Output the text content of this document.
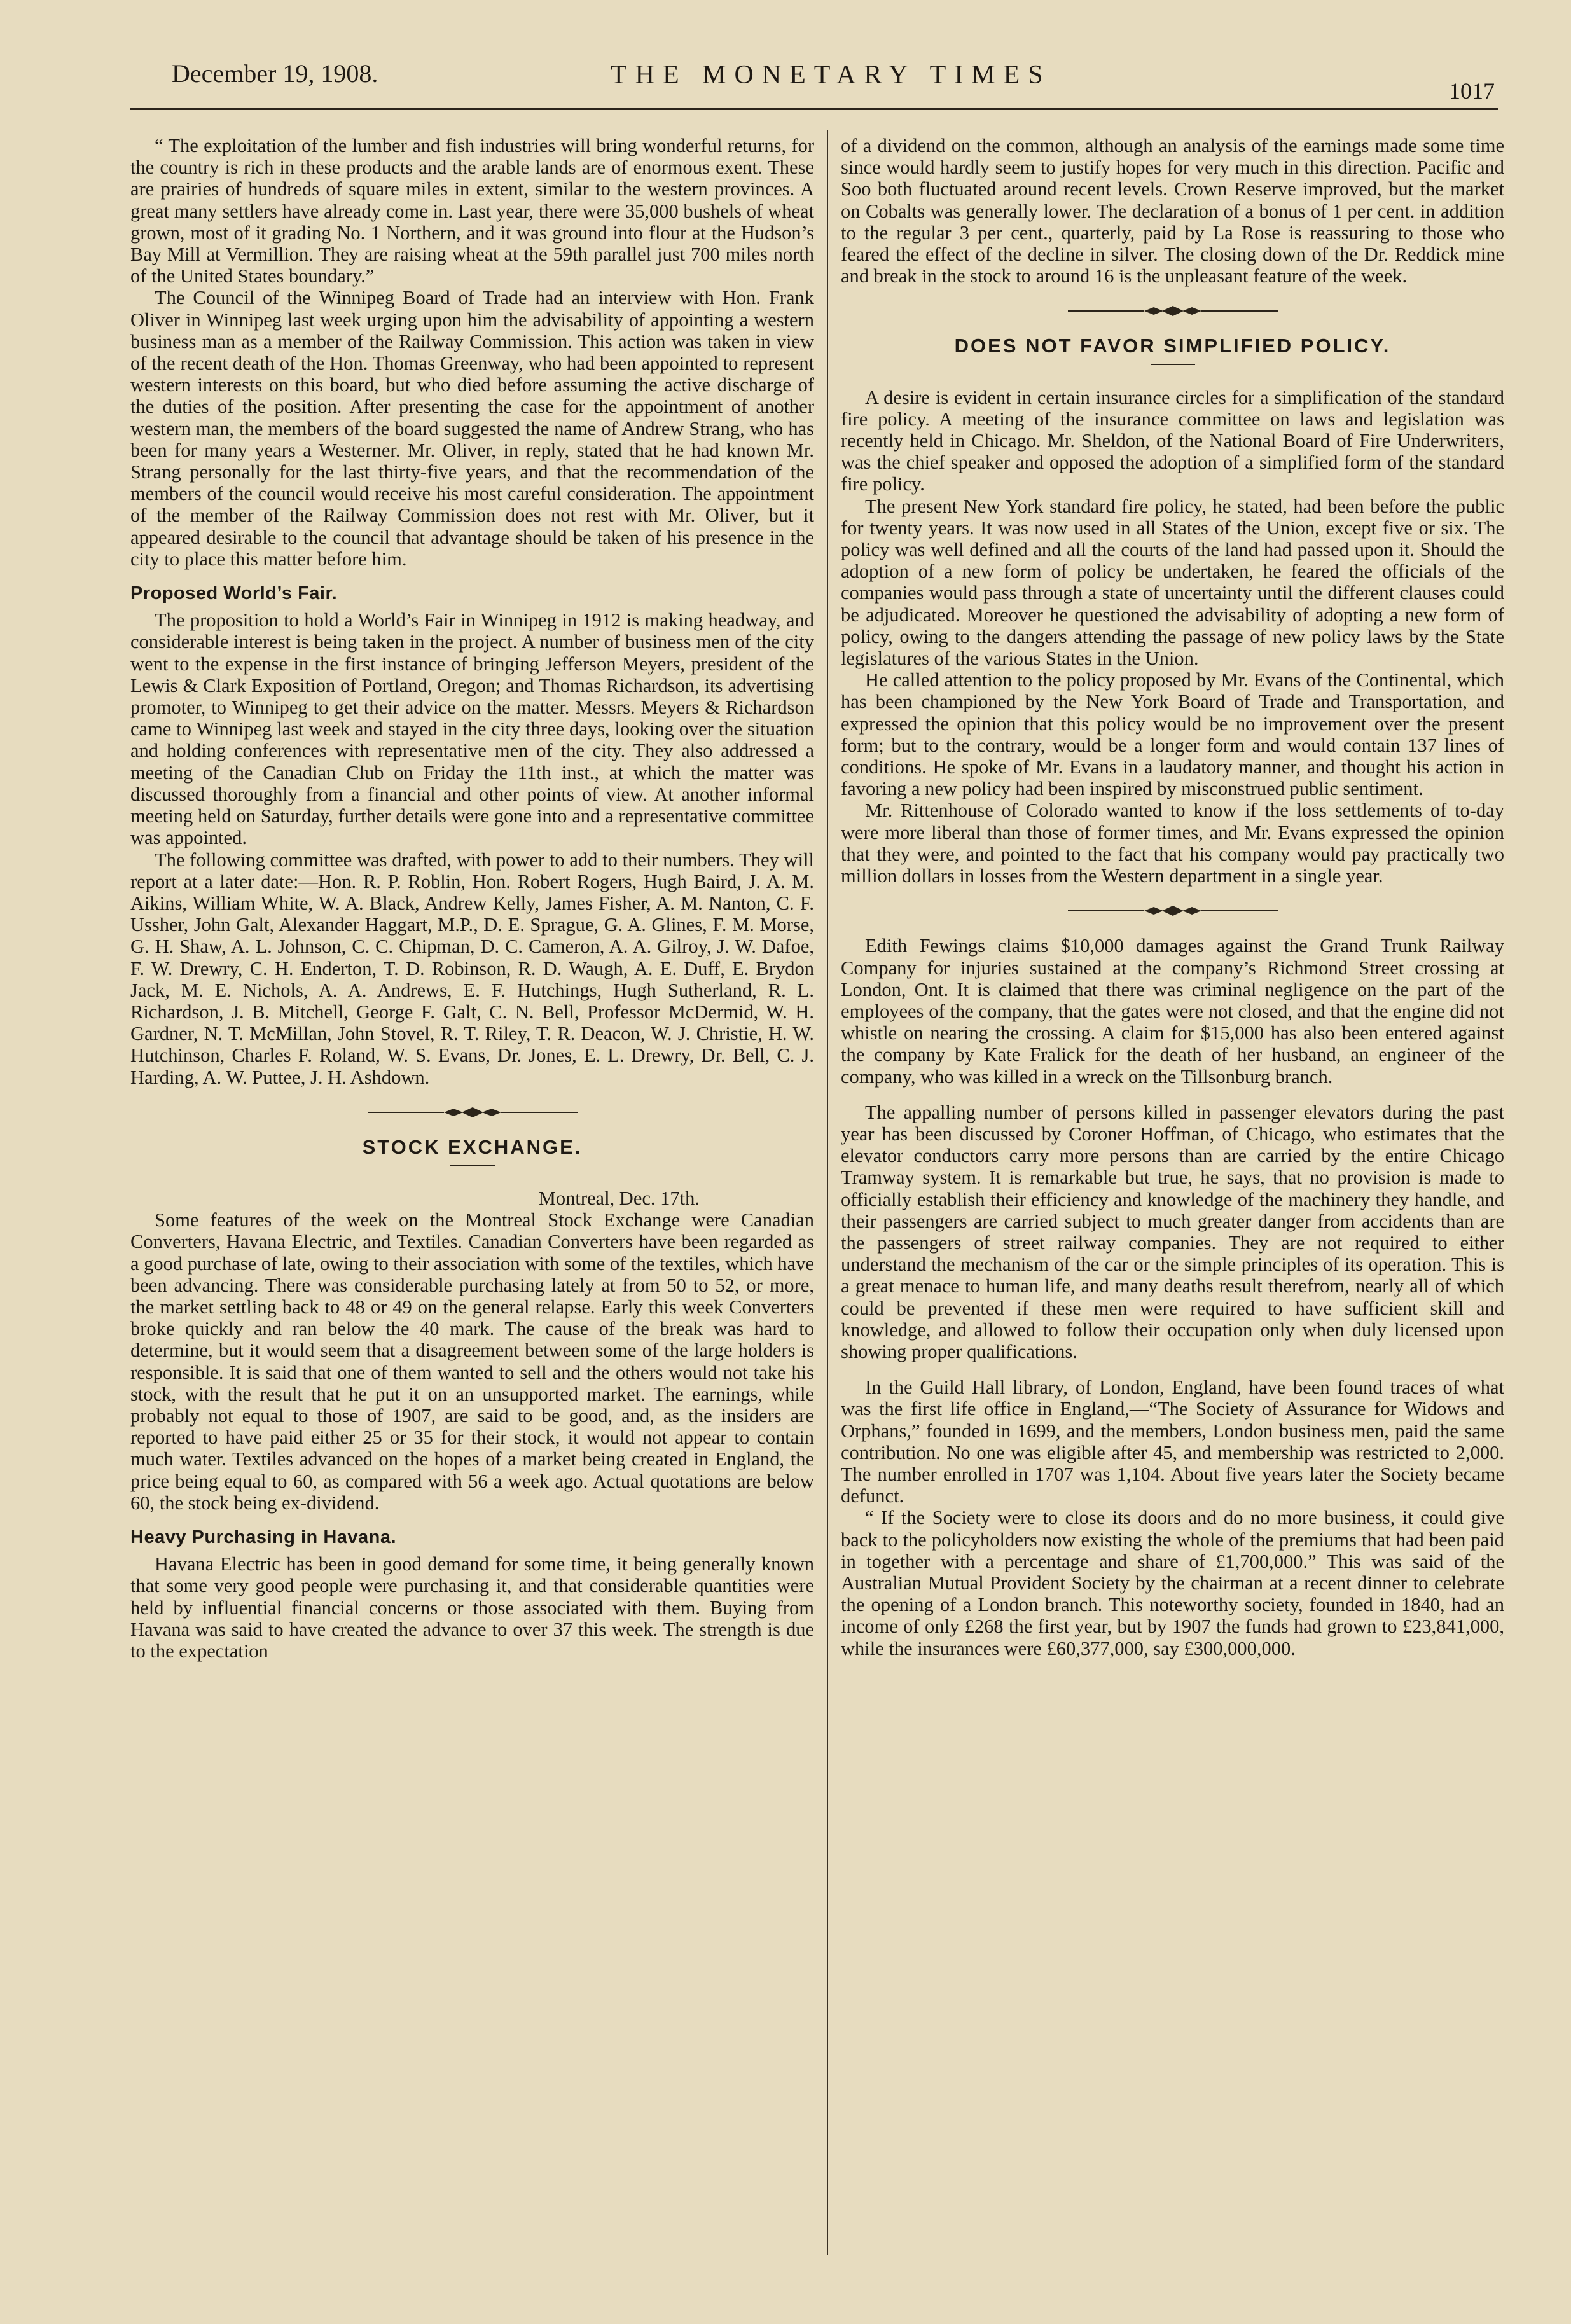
December 19, 1908.	THE MONETARY TIMES
1017

“ The exploitation of the lumber and fish industries will bring wonderful returns, for the country is rich in these products and the arable lands are of enormous exent. These are prairies of hundreds of square miles in extent, similar to the western provinces. A great many settlers have already come in. Last year, there were 35,000 bushels of wheat grown, most of it grading No. 1 Northern, and it was ground into flour at the Hudson’s Bay Mill at Vermillion. They are raising wheat at the 59th parallel just 700 miles north of the United States boundary.”

The Council of the Winnipeg Board of Trade had an interview with Hon. Frank Oliver in Winnipeg last week urging upon him the advisability of appointing a western business man as a member of the Railway Commission. This action was taken in view of the recent death of the Hon. Thomas Greenway, who had been appointed to represent western interests on this board, but who died before assuming the active discharge of the duties of the position. After presenting the case for the appointment of another western man, the members of the board suggested the name of Andrew Strang, who has been for many years a Westerner. Mr. Oliver, in reply, stated that he had known Mr. Strang personally for the last thirty-five years, and that the recommendation of the members of the council would receive his most careful consideration. The appointment of the member of the Railway Commission does not rest with Mr. Oliver, but it appeared desirable to the council that advantage should be taken of his presence in the city to place this matter before him.

Proposed World’s Fair.

The proposition to hold a World’s Fair in Winnipeg in 1912 is making headway, and considerable interest is being taken in the project. A number of business men of the city went to the expense in the first instance of bringing Jefferson Meyers, president of the Lewis & Clark Exposition of Portland, Oregon; and Thomas Richardson, its advertising promoter, to Winnipeg to get their advice on the matter. Messrs. Meyers & Richardson came to Winnipeg last week and stayed in the city three days, looking over the situation and holding conferences with representative men of the city. They also addressed a meeting of the Canadian Club on Friday the 11th inst., at which the matter was discussed thoroughly from a financial and other points of view. At another informal meeting held on Saturday, further details were gone into and a representative committee was appointed.

The following committee was drafted, with power to add to their numbers. They will report at a later date:—Hon. R. P. Roblin, Hon. Robert Rogers, Hugh Baird, J. A. M. Aikins, William White, W. A. Black, Andrew Kelly, James Fisher, A. M. Nanton, C. F. Ussher, John Galt, Alexander Haggart, M.P., D. E. Sprague, G. A. Glines, F. M. Morse, G. H. Shaw, A. L. Johnson, C. C. Chipman, D. C. Cameron, A. A. Gilroy, J. W. Dafoe, F. W. Drewry, C. H. Enderton, T. D. Robinson, R. D. Waugh, A. E. Duff, E. Brydon Jack, M. E. Nichols, A. A. Andrews, E. F. Hutchings, Hugh Sutherland, R. L. Richardson, J. B. Mitchell, George F. Galt, C. N. Bell, Professor McDermid, W. H. Gardner, N. T. McMillan, John Stovel, R. T. Riley, T. R. Deacon, W. J. Christie, H. W. Hutchinson, Charles F. Roland, W. S. Evans, Dr. Jones, E. L. Drewry, Dr. Bell, C. J. Harding, A. W. Puttee, J. H. Ashdown.

STOCK EXCHANGE.

Montreal, Dec. 17th.

Some features of the week on the Montreal Stock Exchange were Canadian Converters, Havana Electric, and Textiles. Canadian Converters have been regarded as a good purchase of late, owing to their association with some of the textiles, which have been advancing. There was considerable purchasing lately at from 50 to 52, or more, the market settling back to 48 or 49 on the general relapse. Early this week Converters broke quickly and ran below the 40 mark. The cause of the break was hard to determine, but it would seem that a disagreement between some of the large holders is responsible. It is said that one of them wanted to sell and the others would not take his stock, with the result that he put it on an unsupported market. The earnings, while probably not equal to those of 1907, are said to be good, and, as the insiders are reported to have paid either 25 or 35 for their stock, it would not appear to contain much water. Textiles advanced on the hopes of a market being created in England, the price being equal to 60, as compared with 56 a week ago. Actual quotations are below 60, the stock being ex-dividend.

Heavy Purchasing in Havana.

Havana Electric has been in good demand for some time, it being generally known that some very good people were purchasing it, and that considerable quantities were held by influential financial concerns or those associated with them. Buying from Havana was said to have created the advance to over 37 this week. The strength is due to the expectation

of a dividend on the common, although an analysis of the earnings made some time since would hardly seem to justify hopes for very much in this direction. Pacific and Soo both fluctuated around recent levels. Crown Reserve improved, but the market on Cobalts was generally lower. The declaration of a bonus of 1 per cent. in addition to the regular 3 per cent., quarterly, paid by La Rose is reassuring to those who feared the effect of the decline in silver. The closing down of the Dr. Reddick mine and break in the stock to around 16 is the unpleasant feature of the week.

DOES NOT FAVOR SIMPLIFIED POLICY.

A desire is evident in certain insurance circles for a simplification of the standard fire policy. A meeting of the insurance committee on laws and legislation was recently held in Chicago. Mr. Sheldon, of the National Board of Fire Underwriters, was the chief speaker and opposed the adoption of a simplified form of the standard fire policy.

The present New York standard fire policy, he stated, had been before the public for twenty years. It was now used in all States of the Union, except five or six. The policy was well defined and all the courts of the land had passed upon it. Should the adoption of a new form of policy be undertaken, he feared the officials of the companies would pass through a state of uncertainty until the different clauses could be adjudicated. Moreover he questioned the advisability of adopting a new form of policy, owing to the dangers attending the passage of new policy laws by the State legislatures of the various States in the Union.

He called attention to the policy proposed by Mr. Evans of the Continental, which has been championed by the New York Board of Trade and Transportation, and expressed the opinion that this policy would be no improvement over the present form; but to the contrary, would be a longer form and would contain 137 lines of conditions. He spoke of Mr. Evans in a laudatory manner, and thought his action in favoring a new policy had been inspired by misconstrued public sentiment.

Mr. Rittenhouse of Colorado wanted to know if the loss settlements of to-day were more liberal than those of former times, and Mr. Evans expressed the opinion that they were, and pointed to the fact that his company would pay practically two million dollars in losses from the Western department in a single year.

Edith Fewings claims $10,000 damages against the Grand Trunk Railway Company for injuries sustained at the company’s Richmond Street crossing at London, Ont. It is claimed that there was criminal negligence on the part of the employees of the company, that the gates were not closed, and that the engine did not whistle on nearing the crossing. A claim for $15,000 has also been entered against the company by Kate Fralick for the death of her husband, an engineer of the company, who was killed in a wreck on the Tillsonburg branch.

The appalling number of persons killed in passenger elevators during the past year has been discussed by Coroner Hoffman, of Chicago, who estimates that the elevator conductors carry more persons than are carried by the entire Chicago Tramway system. It is remarkable but true, he says, that no provision is made to officially establish their efficiency and knowledge of the machinery they handle, and their passengers are carried subject to much greater danger from accidents than are the passengers of street railway companies. They are not required to either understand the mechanism of the car or the simple principles of its operation. This is a great menace to human life, and many deaths result therefrom, nearly all of which could be prevented if these men were required to have sufficient skill and knowledge, and allowed to follow their occupation only when duly licensed upon showing proper qualifications.

In the Guild Hall library, of London, England, have been found traces of what was the first life office in England,—“The Society of Assurance for Widows and Orphans,” founded in 1699, and the members, London business men, paid the same contribution. No one was eligible after 45, and membership was restricted to 2,000. The number enrolled in 1707 was 1,104. About five years later the Society became defunct.

“ If the Society were to close its doors and do no more business, it could give back to the policyholders now existing the whole of the premiums that had been paid in together with a percentage and share of £1,700,000.” This was said of the Australian Mutual Provident Society by the chairman at a recent dinner to celebrate the opening of a London branch. This noteworthy society, founded in 1840, had an income of only £268 the first year, but by 1907 the funds had grown to £23,841,000, while the insurances were £60,377,000, say £300,000,000.
